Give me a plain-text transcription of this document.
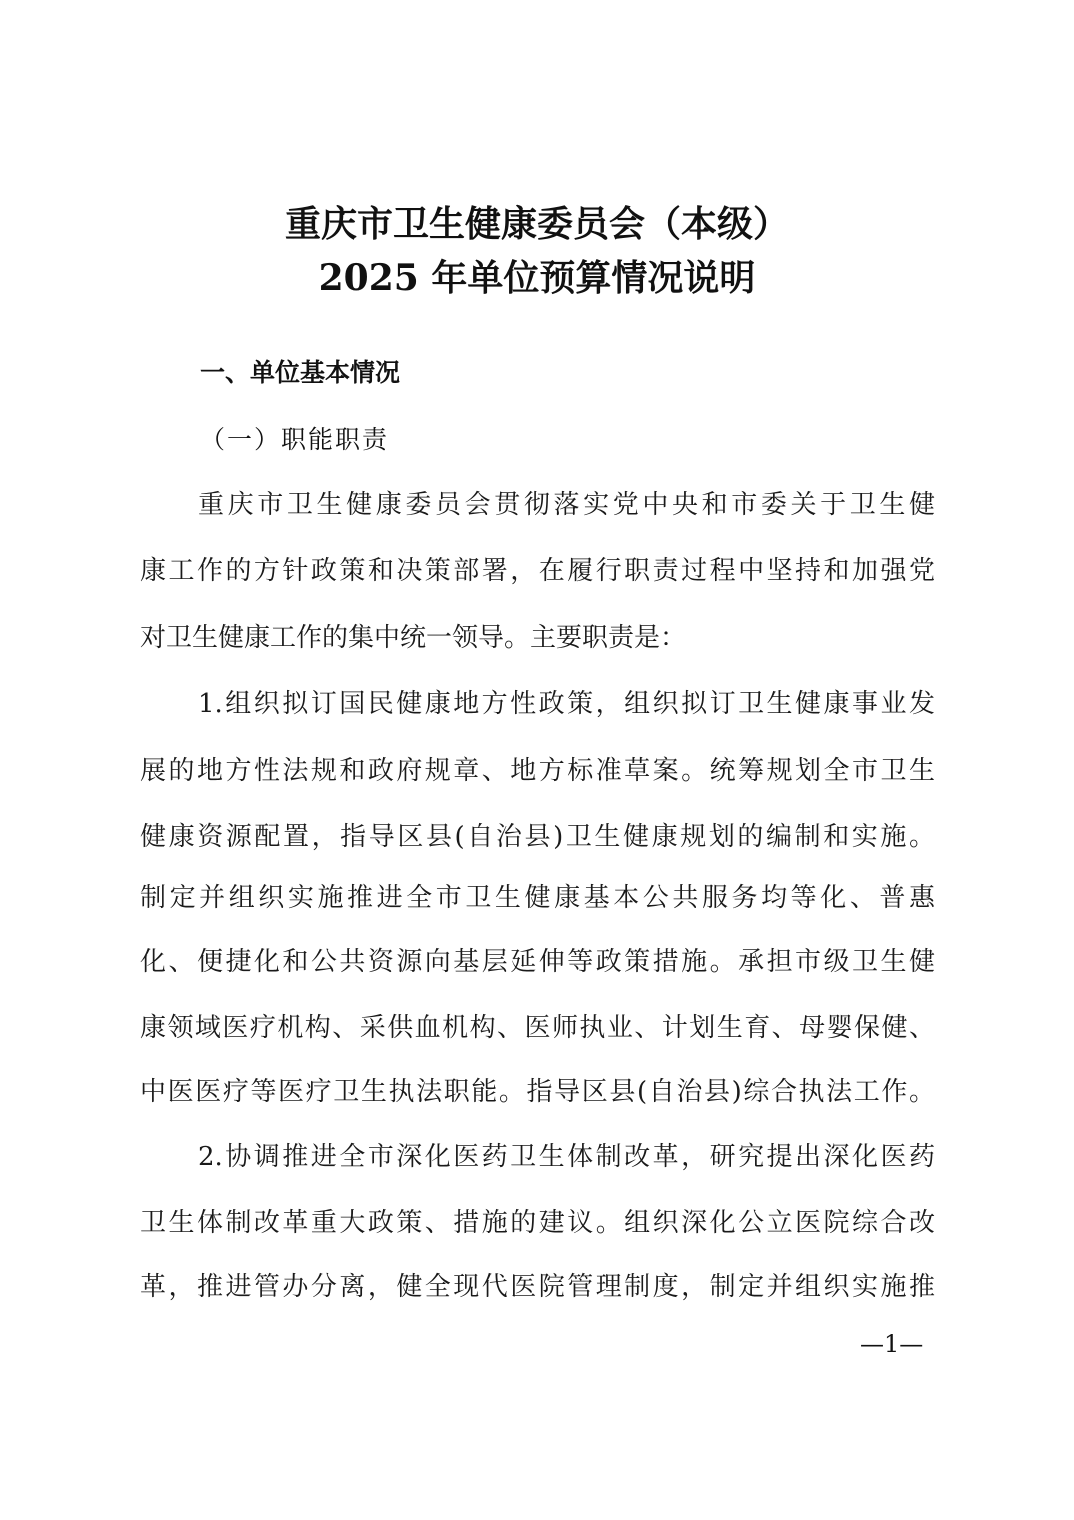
重庆市卫生健康委员会（本级）
2025 年单位预算情况说明
一、单位基本情况
（一）职能职责
重庆市卫生健康委员会贯彻落实党中央和市委关于卫生健
康工作的方针政策和决策部署，在履行职责过程中坚持和加强党
对卫生健康工作的集中统一领导。主要职责是：
1.组织拟订国民健康地方性政策，组织拟订卫生健康事业发
展的地方性法规和政府规章、地方标准草案。统筹规划全市卫生
健康资源配置，指导区县(自治县)卫生健康规划的编制和实施。
制定并组织实施推进全市卫生健康基本公共服务均等化、普惠
化、便捷化和公共资源向基层延伸等政策措施。承担市级卫生健
康领域医疗机构、采供血机构、医师执业、计划生育、母婴保健、
中医医疗等医疗卫生执法职能。指导区县(自治县)综合执法工作。
2.协调推进全市深化医药卫生体制改革，研究提出深化医药
卫生体制改革重大政策、措施的建议。组织深化公立医院综合改
革，推进管办分离，健全现代医院管理制度，制定并组织实施推
—1—
